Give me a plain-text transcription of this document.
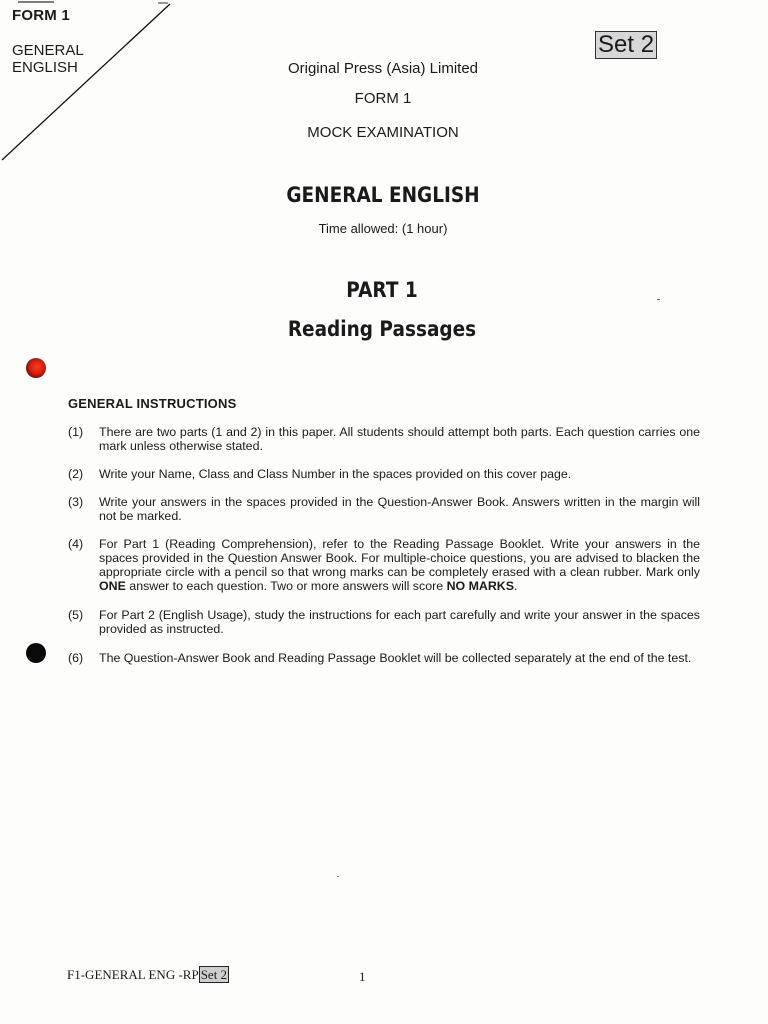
FORM 1
GENERAL
ENGLISH
Set 2
Original Press (Asia) Limited
FORM 1
MOCK EXAMINATION
GENERAL ENGLISH
Time allowed: (1 hour)
PART 1
Reading Passages
GENERAL INSTRUCTIONS
(1)	There are two parts (1 and 2) in this paper. All students should attempt both parts. Each question carries one mark unless otherwise stated.
(2)	Write your Name, Class and Class Number in the spaces provided on this cover page.
(3)	Write your answers in the spaces provided in the Question-Answer Book. Answers written in the margin will not be marked.
(4)	For Part 1 (Reading Comprehension), refer to the Reading Passage Booklet. Write your answers in the spaces provided in the Question Answer Book. For multiple-choice questions, you are advised to blacken the appropriate circle with a pencil so that wrong marks can be completely erased with a clean rubber. Mark only ONE answer to each question. Two or more answers will score NO MARKS.
(5)	For Part 2 (English Usage), study the instructions for each part carefully and write your answer in the spaces provided as instructed.
(6)	The Question-Answer Book and Reading Passage Booklet will be collected separately at the end of the test.
F1-GENERAL ENG -RP Set 2	1
